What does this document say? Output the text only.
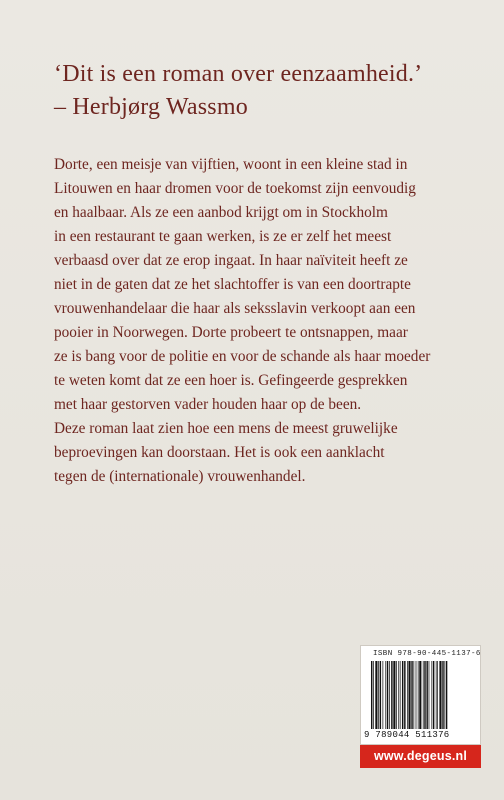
‘Dit is een roman over eenzaamheid.’
– Herbjørg Wassmo
Dorte, een meisje van vijftien, woont in een kleine stad in
Litouwen en haar dromen voor de toekomst zijn eenvoudig
en haalbaar. Als ze een aanbod krijgt om in Stockholm
in een restaurant te gaan werken, is ze er zelf het meest
verbaasd over dat ze erop ingaat. In haar naïviteit heeft ze
niet in de gaten dat ze het slachtoffer is van een doortrapte
vrouwenhandelaar die haar als seksslavin verkoopt aan een
pooier in Noorwegen. Dorte probeert te ontsnappen, maar
ze is bang voor de politie en voor de schande als haar moeder
te weten komt dat ze een hoer is. Gefingeerde gesprekken
met haar gestorven vader houden haar op de been.
Deze roman laat zien hoe een mens de meest gruwelijke
beproevingen kan doorstaan. Het is ook een aanklacht
tegen de (internationale) vrouwenhandel.
ISBN 978-90-445-1137-6
9 789044 511376
www.degeus.nl
